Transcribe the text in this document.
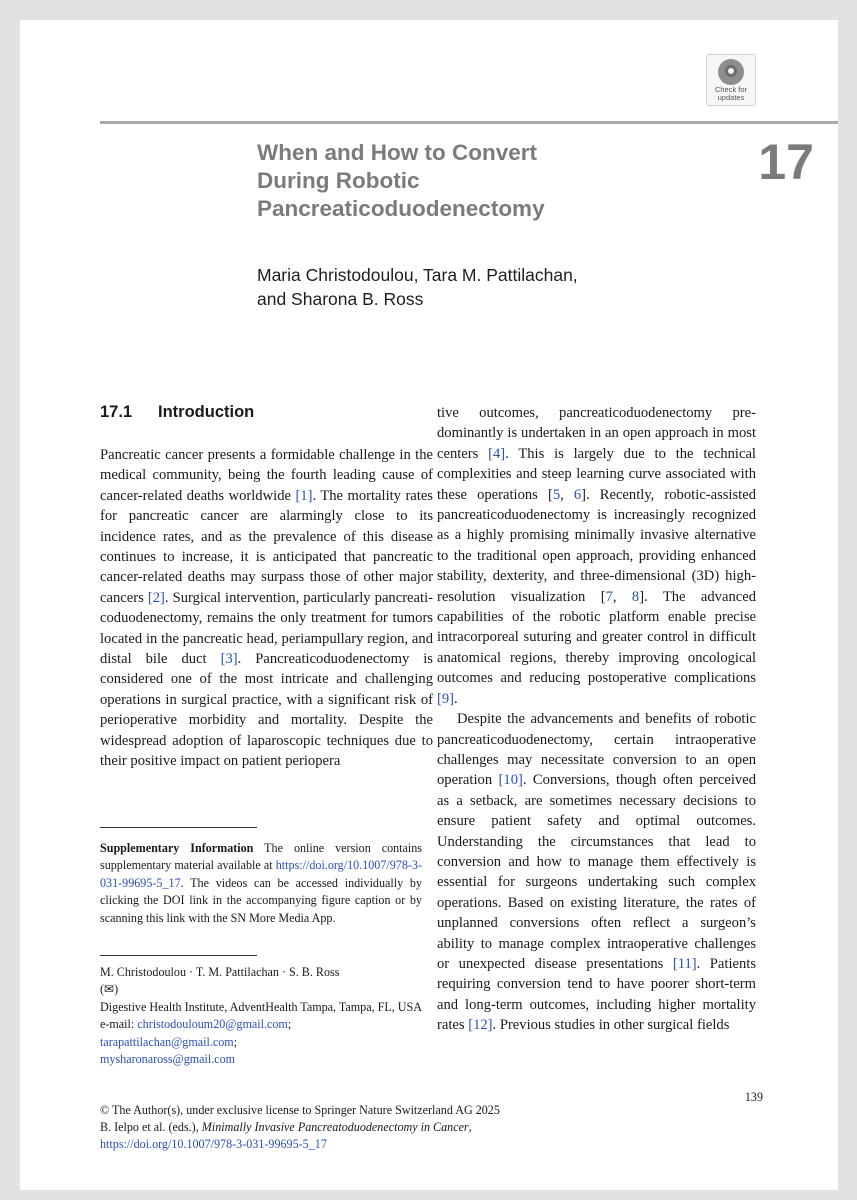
Check for
updates
When and How to Convert
During Robotic
Pancreaticoduodenectomy
17
Maria Christodoulou, Tara M. Pattilachan,
and Sharona B. Ross
17.1 Introduction

Pancreatic cancer presents a formidable challenge in the medical community, being the fourth leading cause of cancer-related deaths worldwide [1]. The mortality rates for pancreatic cancer are alarmingly close to its incidence rates, and as the prevalence of this disease continues to increase, it is anticipated that pancreatic cancer-related deaths may surpass those of other major cancers [2]. Surgical intervention, particularly pancreaticoduodenectomy, remains the only treatment for tumors located in the pancreatic head, periampullary region, and distal bile duct [3]. Pancreaticoduodenectomy is considered one of the most intricate and challenging operations in surgical practice, with a significant risk of perioperative morbidity and mortality. Despite the widespread adoption of laparoscopic techniques due to their positive impact on patient periopera

tive outcomes, pancreaticoduodenectomy predominantly is undertaken in an open approach in most centers [4]. This is largely due to the technical complexities and steep learning curve associated with these operations [5, 6]. Recently, robotic-assisted pancreaticoduodenectomy is increasingly recognized as a highly promising minimally invasive alternative to the traditional open approach, providing enhanced stability, dexterity, and three-dimensional (3D) high-resolution visualization [7, 8]. The advanced capabilities of the robotic platform enable precise intracorporeal suturing and greater control in difficult anatomical regions, thereby improving oncological outcomes and reducing postoperative complications [9].

Despite the advancements and benefits of robotic pancreaticoduodenectomy, certain intraoperative challenges may necessitate conversion to an open operation [10]. Conversions, though often perceived as a setback, are sometimes necessary decisions to ensure patient safety and optimal outcomes. Understanding the circumstances that lead to conversion and how to manage them effectively is essential for surgeons undertaking such complex operations. Based on existing literature, the rates of unplanned conversions often reflect a surgeon’s ability to manage complex intraoperative challenges or unexpected disease presentations [11]. Patients requiring conversion tend to have poorer short-term and long-term outcomes, including higher mortality rates [12]. Previous studies in other surgical fields

Supplementary Information The online version contains supplementary material available at https://doi.org/10.1007/978-3-031-99695-5_17. The videos can be accessed individually by clicking the DOI link in the accompanying figure caption or by scanning this link with the SN More Media App.
M. Christodoulou · T. M. Pattilachan · S. B. Ross
(✉)
Digestive Health Institute, AdventHealth Tampa, Tampa, FL, USA
e-mail: christodouloum20@gmail.com;
tarapattilachan@gmail.com;
mysharonaross@gmail.com
139
© The Author(s), under exclusive license to Springer Nature Switzerland AG 2025
B. Ielpo et al. (eds.), Minimally Invasive Pancreatoduodenectomy in Cancer,
https://doi.org/10.1007/978-3-031-99695-5_17
